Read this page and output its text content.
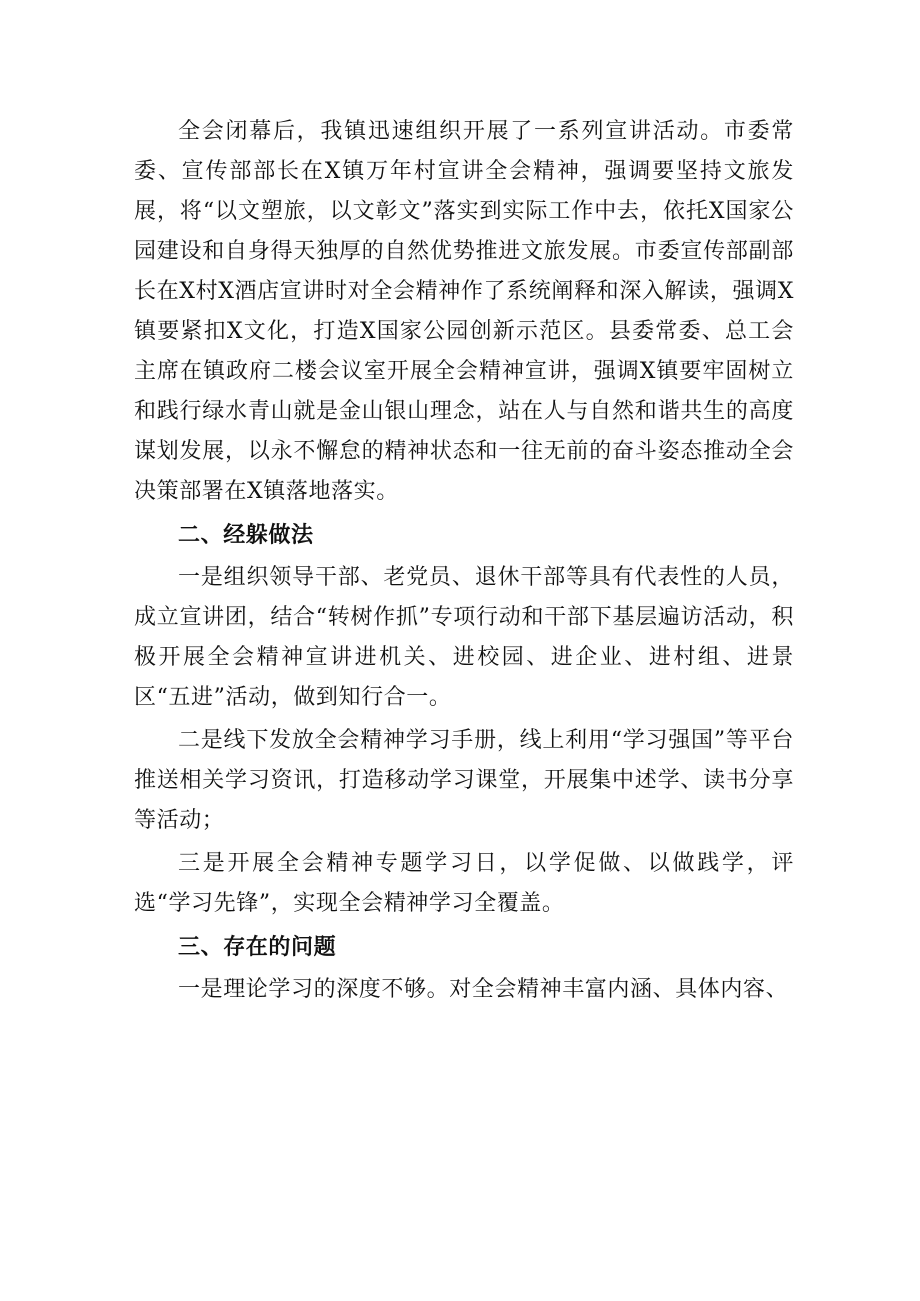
全会闭幕后，我镇迅速组织开展了一系列宣讲活动。市委常委、宣传部部长在X镇万年村宣讲全会精神，强调要坚持文旅发展，将“以文塑旅，以文彰文”落实到实际工作中去，依托X国家公园建设和自身得天独厚的自然优势推进文旅发展。市委宣传部副部长在X村X酒店宣讲时对全会精神作了系统阐释和深入解读，强调X镇要紧扣X文化，打造X国家公园创新示范区。县委常委、总工会主席在镇政府二楼会议室开展全会精神宣讲，强调X镇要牢固树立和践行绿水青山就是金山银山理念，站在人与自然和谐共生的高度谋划发展，以永不懈怠的精神状态和一往无前的奋斗姿态推动全会决策部署在X镇落地落实。

二、经躲做法

一是组织领导干部、老党员、退休干部等具有代表性的人员，成立宣讲团，结合“转树作抓”专项行动和干部下基层遍访活动，积极开展全会精神宣讲进机关、进校园、进企业、进村组、进景区“五进”活动，做到知行合一。

二是线下发放全会精神学习手册，线上利用“学习强国”等平台推送相关学习资讯，打造移动学习课堂，开展集中述学、读书分享等活动；

三是开展全会精神专题学习日，以学促做、以做践学，评选“学习先锋”，实现全会精神学习全覆盖。

三、存在的问题

一是理论学习的深度不够。对全会精神丰富内涵、具体内容、
